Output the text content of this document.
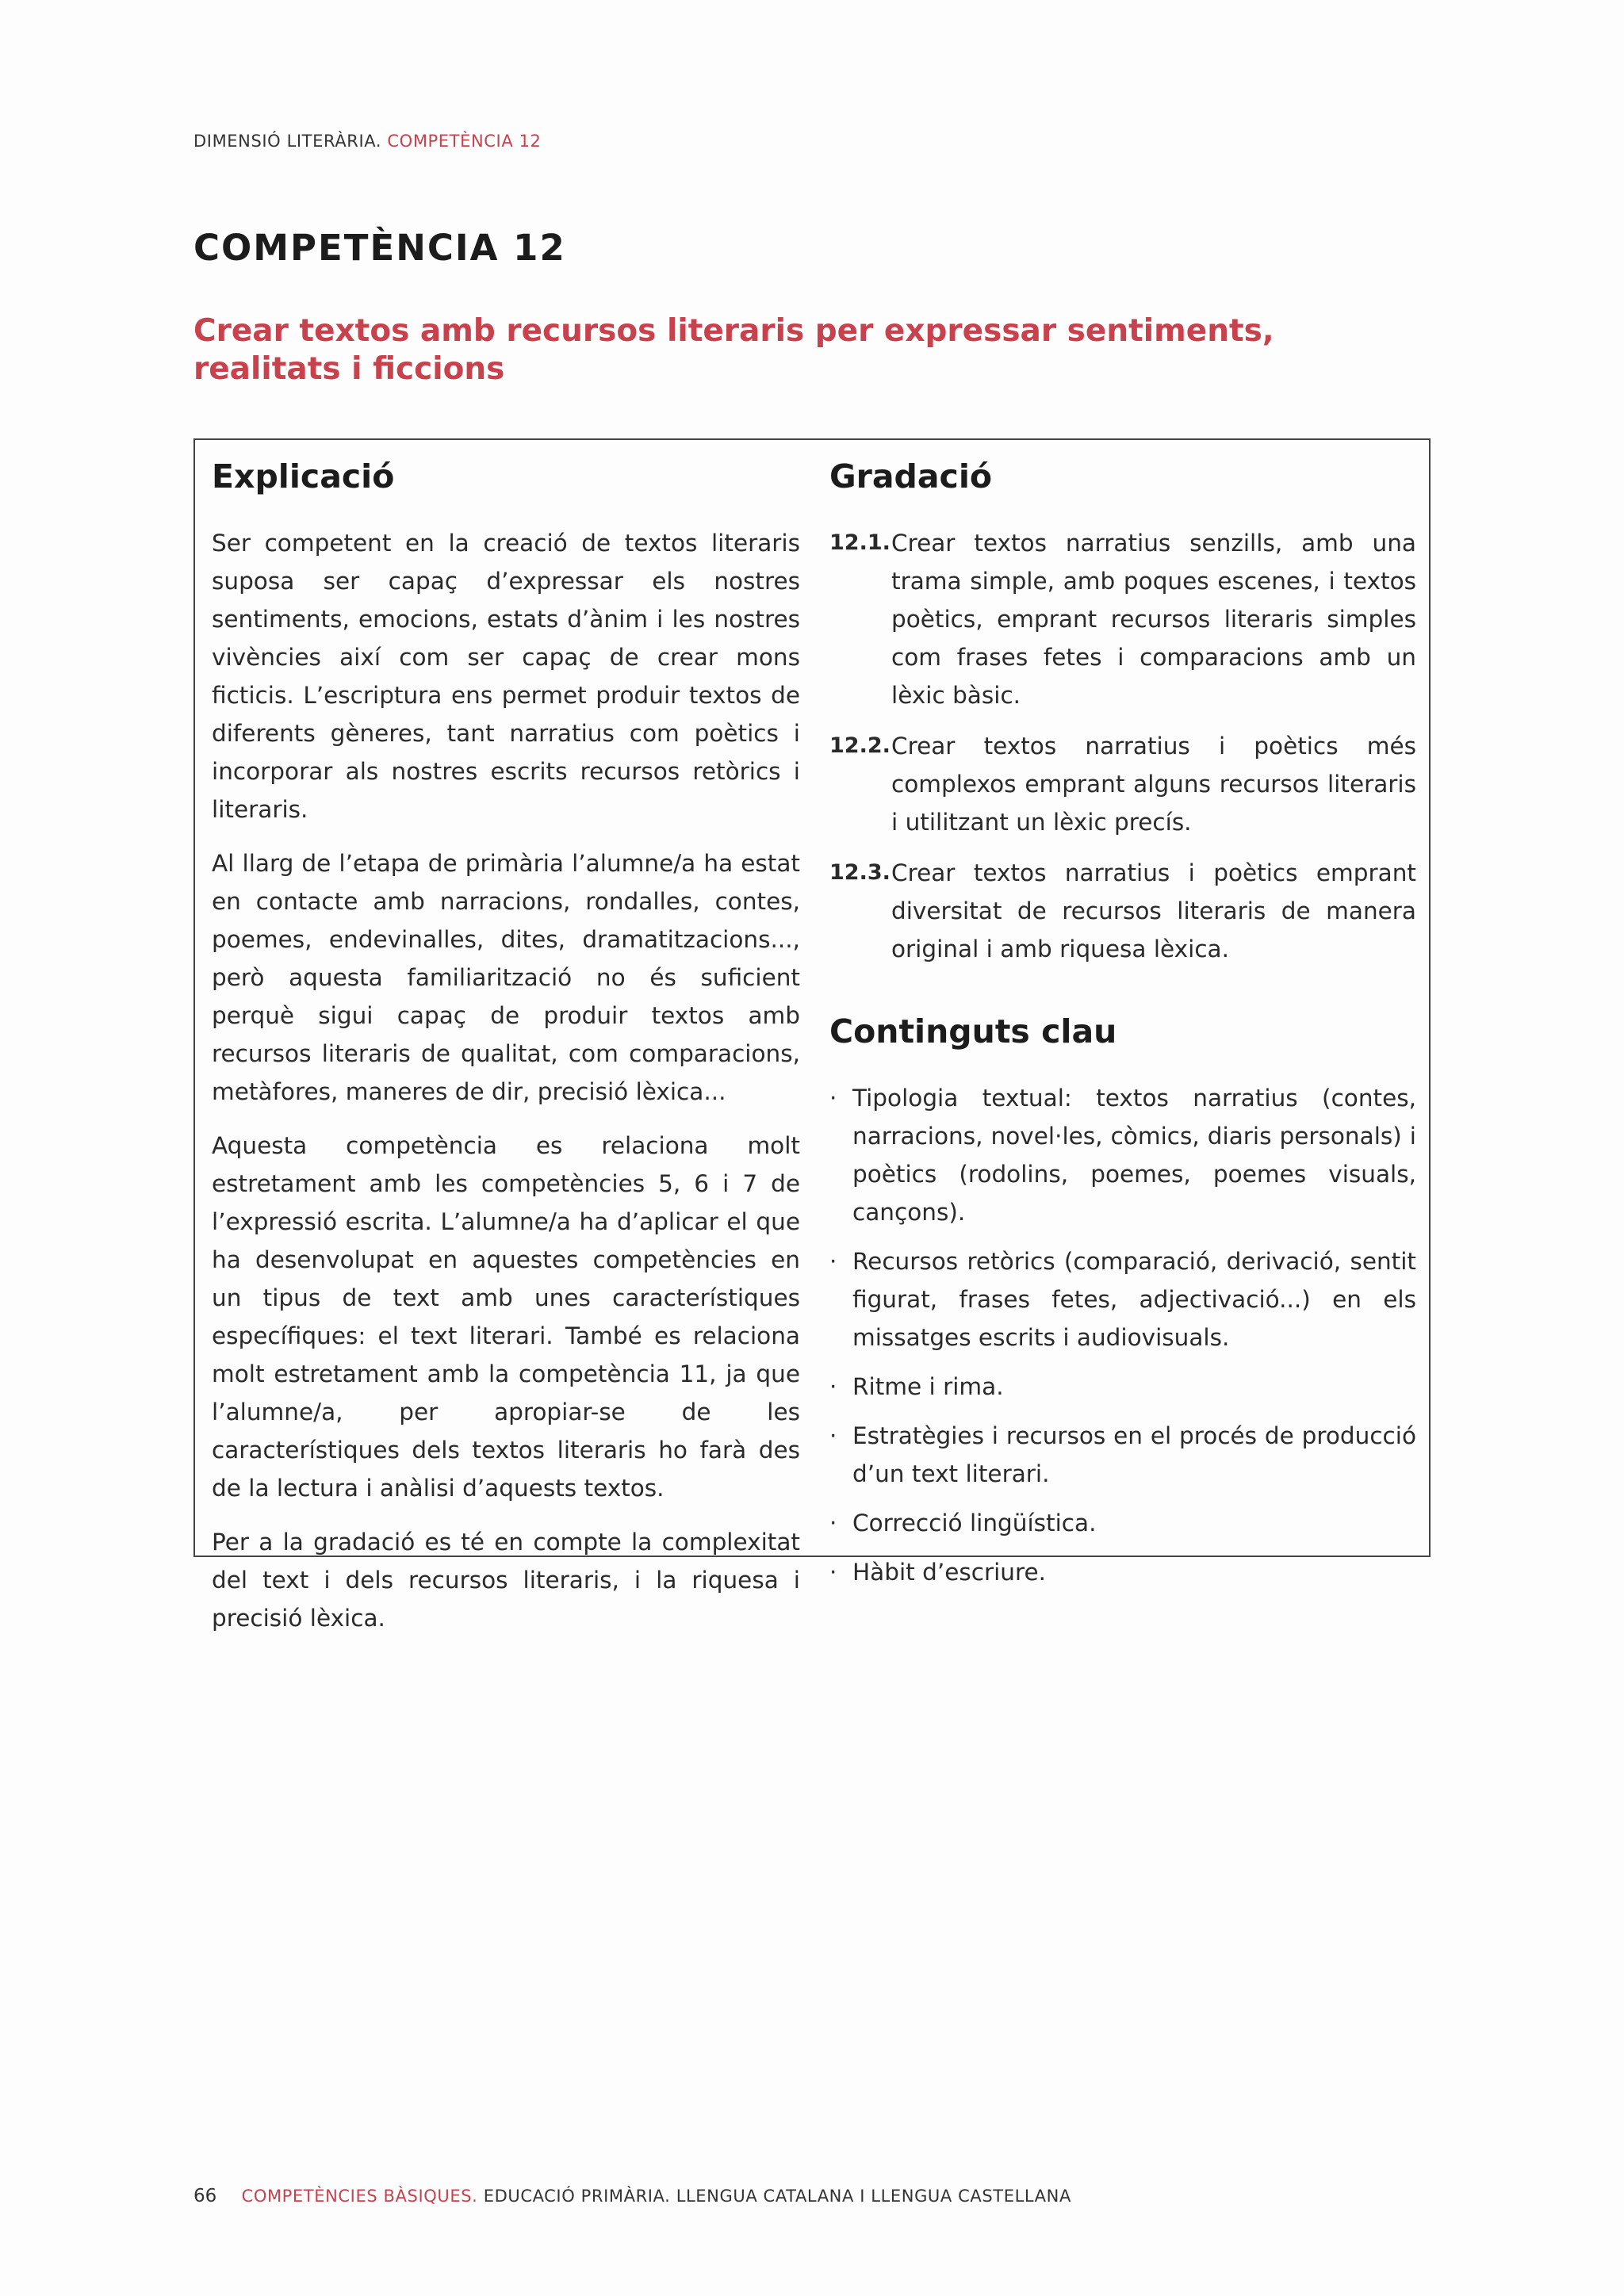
DIMENSIÓ LITERÀRIA. COMPETÈNCIA 12
COMPETÈNCIA 12
Crear textos amb recursos literaris per expressar sentiments, realitats i ficcions
Explicació

Ser competent en la creació de textos literaris suposa ser capaç d’expressar els nostres sentiments, emocions, estats d’ànim i les nostres vivències així com ser capaç de crear mons ficticis. L’escriptura ens permet produir textos de diferents gèneres, tant narratius com poètics i incorporar als nostres escrits recursos retòrics i literaris.

Al llarg de l’etapa de primària l’alumne/a ha estat en contacte amb narracions, rondalles, contes, poemes, endevinalles, dites, dramatitzacions..., però aquesta familiarització no és suficient perquè sigui capaç de produir textos amb recursos literaris de qualitat, com comparacions, metàfores, maneres de dir, precisió lèxica...

Aquesta competència es relaciona molt estretament amb les competències 5, 6 i 7 de l’expressió escrita. L’alumne/a ha d’aplicar el que ha desenvolupat en aquestes competències en un tipus de text amb unes característiques específiques: el text literari. També es relaciona molt estretament amb la competència 11, ja que l’alumne/a, per apropiar-se de les característiques dels textos literaris ho farà des de la lectura i anàlisi d’aquests textos.

Per a la gradació es té en compte la complexitat del text i dels recursos literaris, i la riquesa i precisió lèxica.

Gradació
12.1. Crear textos narratius senzills, amb una trama simple, amb poques escenes, i textos poètics, emprant recursos literaris simples com frases fetes i comparacions amb un lèxic bàsic.
12.2. Crear textos narratius i poètics més complexos emprant alguns recursos literaris i utilitzant un lèxic precís.
12.3. Crear textos narratius i poètics emprant diversitat de recursos literaris de manera original i amb riquesa lèxica.
Continguts clau
· Tipologia textual: textos narratius (contes, narracions, novel·les, còmics, diaris personals) i poètics (rodolins, poemes, poemes visuals, cançons).
· Recursos retòrics (comparació, derivació, sentit figurat, frases fetes, adjectivació...) en els missatges escrits i audiovisuals.
· Ritme i rima.
· Estratègies i recursos en el procés de producció d’un text literari.
· Correcció lingüística.
· Hàbit d’escriure.
66 COMPETÈNCIES BÀSIQUES. EDUCACIÓ PRIMÀRIA. LLENGUA CATALANA I LLENGUA CASTELLANA
